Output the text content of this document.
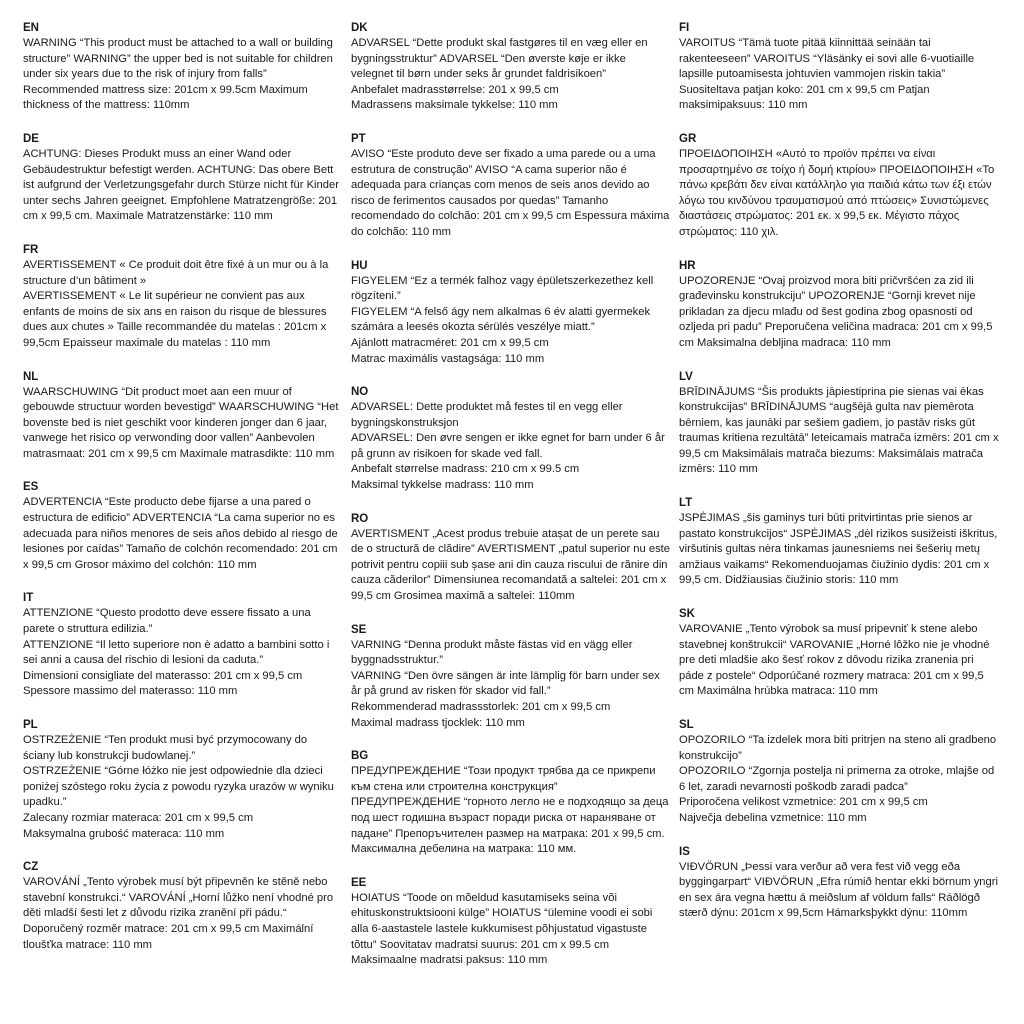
EN

WARNING “This product must be attached to a wall or building structure” WARNING” the upper bed is not suitable for children under six years due to the risk of injury from falls” Recommended mattress size: 201cm x 99.5cm Maximum thickness of the mattress: 110mm

DE

ACHTUNG: Dieses Produkt muss an einer Wand oder Gebäudestruktur befestigt werden. ACHTUNG: Das obere Bett ist aufgrund der Verletzungsgefahr durch Stürze nicht für Kinder unter sechs Jahren geeignet. Empfohlene Matratzengröße: 201 cm x 99,5 cm. Maximale Matratzenstärke: 110 mm

FR

AVERTISSEMENT « Ce produit doit être fixé à un mur ou à la structure d’un bâtiment »

AVERTISSEMENT « Le lit supérieur ne convient pas aux enfants de moins de six ans en raison du risque de blessures dues aux chutes » Taille recommandée du matelas : 201cm x 99,5cm Epaisseur maximale du matelas : 110 mm

NL

WAARSCHUWING “Dit product moet aan een muur of gebouwde structuur worden bevestigd” WAARSCHUWING “Het bovenste bed is niet geschikt voor kinderen jonger dan 6 jaar, vanwege het risico op verwonding door vallen” Aanbevolen matrasmaat: 201 cm x 99,5 cm Maximale matrasdikte: 110 mm

ES

ADVERTENCIA “Este producto debe fijarse a una pared o estructura de edificio” ADVERTENCIA “La cama superior no es adecuada para niños menores de seis años debido al riesgo de lesiones por caídas” Tamaño de colchón recomendado: 201 cm x 99,5 cm Grosor máximo del colchón: 110 mm

IT

ATTENZIONE “Questo prodotto deve essere fissato a una parete o struttura edilizia.”

ATTENZIONE “Il letto superiore non è adatto a bambini sotto i sei anni a causa del rischio di lesioni da caduta.”

Dimensioni consigliate del materasso: 201 cm x 99,5 cm

Spessore massimo del materasso: 110 mm

PL

OSTRZEŻENIE “Ten produkt musi być przymocowany do ściany lub konstrukcji budowlanej.”

OSTRZEŻENIE “Górne łóżko nie jest odpowiednie dla dzieci poniżej szóstego roku życia z powodu ryzyka urazów w wyniku upadku.”

Zalecany rozmiar materaca: 201 cm x 99,5 cm

Maksymalna grubość materaca: 110 mm

CZ

VAROVÁNÍ „Tento výrobek musí být připevněn ke stěně nebo stavební konstrukci.“ VAROVÁNÍ „Horní lůžko není vhodné pro děti mladší šesti let z důvodu rizika zranění při pádu.“ Doporučený rozměr matrace: 201 cm x 99,5 cm Maximální tloušťka matrace: 110 mm

DK

ADVARSEL “Dette produkt skal fastgøres til en væg eller en bygningsstruktur” ADVARSEL “Den øverste køje er ikke velegnet til børn under seks år grundet faldrisikoen”

Anbefalet madrasstørrelse: 201 x 99,5 cm

Madrassens maksimale tykkelse: 110 mm

PT

AVISO “Este produto deve ser fixado a uma parede ou a uma estrutura de construção” AVISO “A cama superior não é adequada para crianças com menos de seis anos devido ao risco de ferimentos causados por quedas” Tamanho recomendado do colchão: 201 cm x 99,5 cm Espessura máxima do colchão: 110 mm

HU

FIGYELEM “Ez a termék falhoz vagy épületszerkezethez kell rögzíteni.”

FIGYELEM “A felső ágy nem alkalmas 6 év alatti gyermekek számára a leesés okozta sérülés veszélye miatt.”

Ajánlott matracméret: 201 cm x 99,5 cm

Matrac maximális vastagsága: 110 mm

NO

ADVARSEL: Dette produktet må festes til en vegg eller bygningskonstruksjon

ADVARSEL: Den øvre sengen er ikke egnet for barn under 6 år på grunn av risikoen for skade ved fall.

Anbefalt størrelse madrass: 210 cm x 99.5 cm

Maksimal tykkelse madrass: 110 mm

RO

AVERTISMENT „Acest produs trebuie atașat de un perete sau de o structură de clădire” AVERTISMENT „patul superior nu este potrivit pentru copiii sub șase ani din cauza riscului de rănire din cauza căderilor” Dimensiunea recomandată a saltelei: 201 cm x 99,5 cm Grosimea maximă a saltelei: 110mm

SE

VARNING “Denna produkt måste fästas vid en vägg eller byggnadsstruktur.”

VARNING “Den övre sängen är inte lämplig för barn under sex år på grund av risken för skador vid fall.”

Rekommenderad madrassstorlek: 201 cm x 99,5 cm

Maximal madrass tjocklek: 110 mm

BG

ПРЕДУПРЕЖДЕНИЕ “Този продукт трябва да се прикрепи към стена или строителна конструкция”

ПРЕДУПРЕЖДЕНИЕ “горното легло не е подходящо за деца под шест годишна възраст поради риска от нараняване от падане” Препоръчителен размер на матрака: 201 x 99,5 cm. Максимална дебелина на матрака: 110 мм.

EE

HOIATUS “Toode on mõeldud kasutamiseks seina või ehituskonstruktsiooni külge” HOIATUS “ülemine voodi ei sobi alla 6-aastastele lastele kukkumisest põhjustatud vigastuste tõttu” Soovitatav madratsi suurus: 201 cm x 99.5 cm Maksimaalne madratsi paksus: 110 mm

FI

VAROITUS “Tämä tuote pitää kiinnittää seinään tai rakenteeseen” VAROITUS “Yläsänky ei sovi alle 6-vuotiaille lapsille putoamisesta johtuvien vammojen riskin takia” Suositeltava patjan koko: 201 cm x 99,5 cm Patjan maksimipaksuus: 110 mm

GR

ΠΡΟΕΙΔΟΠΟΙΗΣΗ «Αυτό το προϊόν πρέπει να είναι προσαρτημένο σε τοίχο ή δομή κτιρίου» ΠΡΟΕΙΔΟΠΟΙΗΣΗ «Το πάνω κρεβάτι δεν είναι κατάλληλο για παιδιά κάτω των έξι ετών λόγω του κινδύνου τραυματισμού από πτώσεις» Συνιστώμενες διαστάσεις στρώματος: 201 εκ. x 99,5 εκ. Μέγιστο πάχος στρώματος: 110 χιλ.

HR

UPOZORENJE “Ovaj proizvod mora biti pričvršćen za zid ili građevinsku konstrukciju” UPOZORENJE “Gornji krevet nije prikladan za djecu mlađu od šest godina zbog opasnosti od ozljeda pri padu” Preporučena veličina madraca: 201 cm x 99,5 cm Maksimalna debljina madraca: 110 mm

LV

BRĪDINĀJUMS “Šis produkts jāpiestiprina pie sienas vai ēkas konstrukcijas” BRĪDINĀJUMS “augšējā gulta nav piemērota bērniem, kas jaunāki par sešiem gadiem, jo pastāv risks gūt traumas kritiena rezultātā” leteicamais matrača izmērs: 201 cm x 99,5 cm Maksimālais matrača biezums: Maksimālais matrača izmērs: 110 mm

LT

JSPĖJIMAS „šis gaminys turi būti pritvirtintas prie sienos ar pastato konstrukcijos“ JSPĖJIMAS „dėl rizikos susižeisti iškritus, viršutinis gultas nėra tinkamas jaunesniems nei šešerių metų amžiaus vaikams“ Rekomenduojamas čiužinio dydis: 201 cm x 99,5 cm. Didžiausias čiužinio storis: 110 mm

SK

VAROVANIE „Tento výrobok sa musí pripevniť k stene alebo stavebnej konštrukcii“ VAROVANIE „Horné lôžko nie je vhodné pre deti mladšie ako šesť rokov z dôvodu rizika zranenia pri páde z postele“ Odporúčané rozmery matraca: 201 cm x 99,5 cm Maximálna hrúbka matraca: 110 mm

SL

OPOZORILO “Ta izdelek mora biti pritrjen na steno ali gradbeno konstrukcijo”

OPOZORILO “Zgornja postelja ni primerna za otroke, mlajše od 6 let, zaradi nevarnosti poškodb zaradi padca”

Priporočena velikost vzmetnice: 201 cm x 99,5 cm

Največja debelina vzmetnice: 110 mm

IS

VIÐVÖRUN „Þessi vara verður að vera fest við vegg eða byggingarpart“ VIÐVÖRUN „Efra rúmið hentar ekki börnum yngri en sex ára vegna hættu á meiðslum af völdum falls“ Ráðlögð stærð dýnu: 201cm x 99,5cm Hámarksþykkt dýnu: 110mm
